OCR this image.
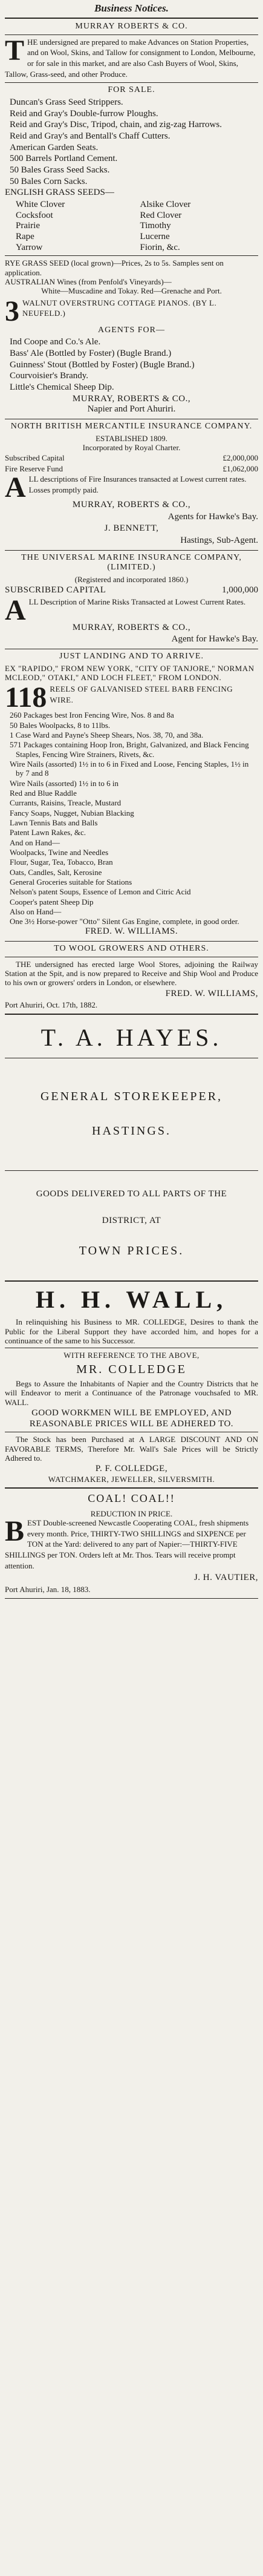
Business Notices.
MURRAY ROBERTS & CO.
T HE undersigned are prepared to make Advances on Station Properties, and on Wool, Skins, and Tallow for consignment to London, Melbourne, or for sale in this market, and are also Cash Buyers of Wool, Skins, Tallow, Grass-seed, and other Produce.
FOR SALE.
Duncan's Grass Seed Strippers.
Reid and Gray's Double-furrow Ploughs.
Reid and Gray's Disc, Tripod, chain, and zig-zag Harrows.
Reid and Gray's and Bentall's Chaff Cutters.
American Garden Seats.
500 Barrels Portland Cement.
50 Bales Grass Seed Sacks.
50 Bales Corn Sacks.
ENGLISH GRASS SEEDS—
White Clover	Alsike Clover
Cocksfoot	Red Clover
Prairie	Timothy
Rape	Lucerne
Yarrow	Fiorin, &c.
RYE GRASS SEED (local grown)—Prices, 2s to 5s. Samples sent on application.
AUSTRALIAN Wines (from Penfold's Vineyards)—
White—Muscadine and Tokay. Red—Grenache and Port.
3 WALNUT OVERSTRUNG COTTAGE PIANOS. (BY L. NEUFELD.)
AGENTS FOR—
Ind Coope and Co.'s Ale.
Bass' Ale (Bottled by Foster) (Bugle Brand.)
Guinness' Stout (Bottled by Foster) (Bugle Brand.)
Courvoisier's Brandy.
Little's Chemical Sheep Dip.
MURRAY, ROBERTS & CO.,
Napier and Port Ahuriri.
NORTH BRITISH MERCANTILE INSURANCE COMPANY.
ESTABLISHED 1809.
Incorporated by Royal Charter.
Subscribed Capital	£2,000,000
Fire Reserve Fund	£1,062,000
A LL descriptions of Fire Insurances transacted at Lowest current rates. Losses promptly paid.
MURRAY, ROBERTS & CO.,
Agents for Hawke's Bay.
J. BENNETT,
Hastings, Sub-Agent.
THE UNIVERSAL MARINE INSURANCE COMPANY, (LIMITED.)
(Registered and incorporated 1860.)
SUBSCRIBED CAPITAL	1,000,000
A LL Description of Marine Risks Transacted at Lowest Current Rates.
MURRAY, ROBERTS & CO.,
Agent for Hawke's Bay.
JUST LANDING AND TO ARRIVE.
EX "RAPIDO," FROM NEW YORK, "CITY OF TANJORE," NORMAN MCLEOD," OTAKI," AND LOCH FLEET," FROM LONDON.
118 REELS OF GALVANISED STEEL BARB FENCING WIRE.
260 Packages best Iron Fencing Wire, Nos. 8 and 8a
50 Bales Woolpacks, 8 to 11lbs.
1 Case Ward and Payne's Sheep Shears, Nos. 38, 70, and 38a.
571 Packages containing Hoop Iron, Bright, Galvanized, and Black Fencing Staples, Fencing Wire Strainers, Rivets, &c.
Wire Nails (assorted) 1½ in to 6 in Fixed and Loose, Fencing Staples, 1½ in by 7 and 8
Wire Nails (assorted) 1½ in to 6 in
Red and Blue Raddle
Currants, Raisins, Treacle, Mustard
Fancy Soaps, Nugget, Nubian Blacking
Lawn Tennis Bats and Balls
Patent Lawn Rakes, &c.
And on Hand—
Woolpacks, Twine and Needles
Flour, Sugar, Tea, Tobacco, Bran
Oats, Candles, Salt, Kerosine
General Groceries suitable for Stations
Nelson's patent Soups, Essence of Lemon and Citric Acid
Cooper's patent Sheep Dip
Also on Hand—
One 3½ Horse-power "Otto" Silent Gas Engine, complete, in good order.
FRED. W. WILLIAMS.
TO WOOL GROWERS AND OTHERS.
THE undersigned has erected large Wool Stores, adjoining the Railway Station at the Spit, and is now prepared to Receive and Ship Wool and Produce to his own or growers' orders in London, or elsewhere.
FRED. W. WILLIAMS,
Port Ahuriri, Oct. 17th, 1882.
T. A. HAYES.
GENERAL STOREKEEPER,
HASTINGS.
GOODS DELIVERED TO ALL PARTS OF THE
DISTRICT, AT
TOWN PRICES.
H. H. WALL,
In relinquishing his Business to MR. COLLEDGE, Desires to thank the Public for the Liberal Support they have accorded him, and hopes for a continuance of the same to his Successor.
WITH REFERENCE TO THE ABOVE,
MR. COLLEDGE
Begs to Assure the Inhabitants of Napier and the Country Districts that he will Endeavor to merit a Continuance of the Patronage vouchsafed to MR. WALL.
GOOD WORKMEN WILL BE EMPLOYED, AND REASONABLE PRICES WILL BE ADHERED TO.
The Stock has been Purchased at A LARGE DISCOUNT AND ON FAVORABLE TERMS, Therefore Mr. Wall's Sale Prices will be Strictly Adhered to.
P. F. COLLEDGE,
WATCHMAKER, JEWELLER, SILVERSMITH.
COAL! COAL!!
REDUCTION IN PRICE.
B EST Double-screened Newcastle Cooperating COAL, fresh shipments every month. Price, THIRTY-TWO SHILLINGS and SIXPENCE per TON at the Yard: delivered to any part of Napier:—THIRTY-FIVE SHILLINGS per TON. Orders left at Mr. Thos. Tears will receive prompt attention.
J. H. VAUTIER,
Port Ahuriri, Jan. 18, 1883.
